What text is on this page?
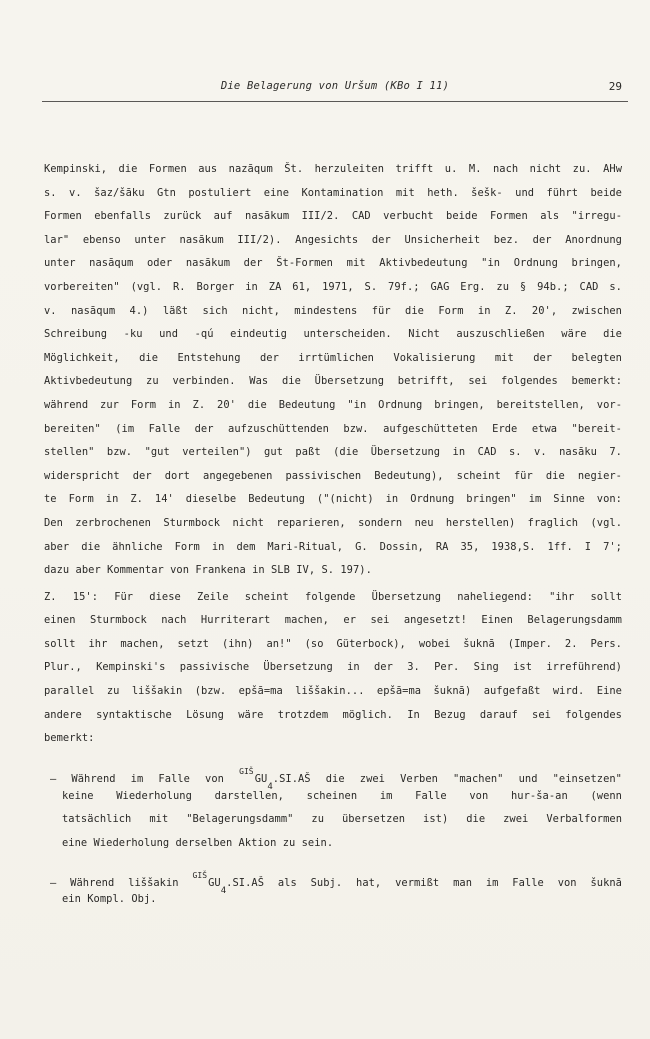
Die Belagerung von Uršum (KBo I 11)	29
Kempinski, die Formen aus nazāqum Št. herzuleiten trifft u. M. nach nicht zu. AHw
s. v. šaz/šāku Gtn postuliert eine Kontamination mit heth. šešk- und führt beide
Formen ebenfalls zurück auf nasākum III/2. CAD verbucht beide Formen als "irregu-
lar" ebenso unter nasākum III/2). Angesichts der Unsicherheit bez. der Anordnung
unter nasāqum oder nasākum der Št-Formen mit Aktivbedeutung "in Ordnung bringen,
vorbereiten" (vgl. R. Borger in ZA 61, 1971, S. 79f.; GAG Erg. zu § 94b.; CAD s.
v. nasāqum 4.) läßt sich nicht, mindestens für die Form in Z. 20', zwischen
Schreibung -ku und -qú eindeutig unterscheiden. Nicht auszuschließen wäre die
Möglichkeit, die Entstehung der irrtümlichen Vokalisierung mit der belegten
Aktivbedeutung zu verbinden. Was die Übersetzung betrifft, sei folgendes bemerkt:
während zur Form in Z. 20' die Bedeutung "in Ordnung bringen, bereitstellen, vor-
bereiten" (im Falle der aufzuschüttenden bzw. aufgeschütteten Erde etwa "bereit-
stellen" bzw. "gut verteilen") gut paßt (die Übersetzung in CAD s. v. nasāku 7.
widerspricht der dort angegebenen passivischen Bedeutung), scheint für die negier-
te Form in Z. 14' dieselbe Bedeutung ("(nicht) in Ordnung bringen" im Sinne von:
Den zerbrochenen Sturmbock nicht reparieren, sondern neu herstellen) fraglich (vgl.
aber die ähnliche Form in dem Mari-Ritual, G. Dossin, RA 35, 1938,S. 1ff. I 7';
dazu aber Kommentar von Frankena in SLB IV, S. 197).
Z. 15': Für diese Zeile scheint folgende Übersetzung naheliegend: "ihr sollt
einen Sturmbock nach Hurriterart machen, er sei angesetzt! Einen Belagerungsdamm
sollt ihr machen, setzt (ihn) an!" (so Güterbock), wobei šuknā (Imper. 2. Pers.
Plur., Kempinski's passivische Übersetzung in der 3. Per. Sing ist irreführend)
parallel zu liššakin (bzw. epšā=ma liššakin... epšā=ma šuknā) aufgefaßt wird. Eine
andere syntaktische Lösung wäre trotzdem möglich. In Bezug darauf sei folgendes
bemerkt:
– Während im Falle von $^{GIŠ}GU_4.SI.AŠ$ die zwei Verben "machen" und "einsetzen"
keine Wiederholung darstellen, scheinen im Falle von hur-ša-an (wenn
tatsächlich mit "Belagerungsdamm" zu übersetzen ist) die zwei Verbalformen
eine Wiederholung derselben Aktion zu sein.
– Während liššakin $^{GIŠ}GU_4.SI.AŠ$ als Subj. hat, vermißt man im Falle von šuknā
ein Kompl. Obj.
